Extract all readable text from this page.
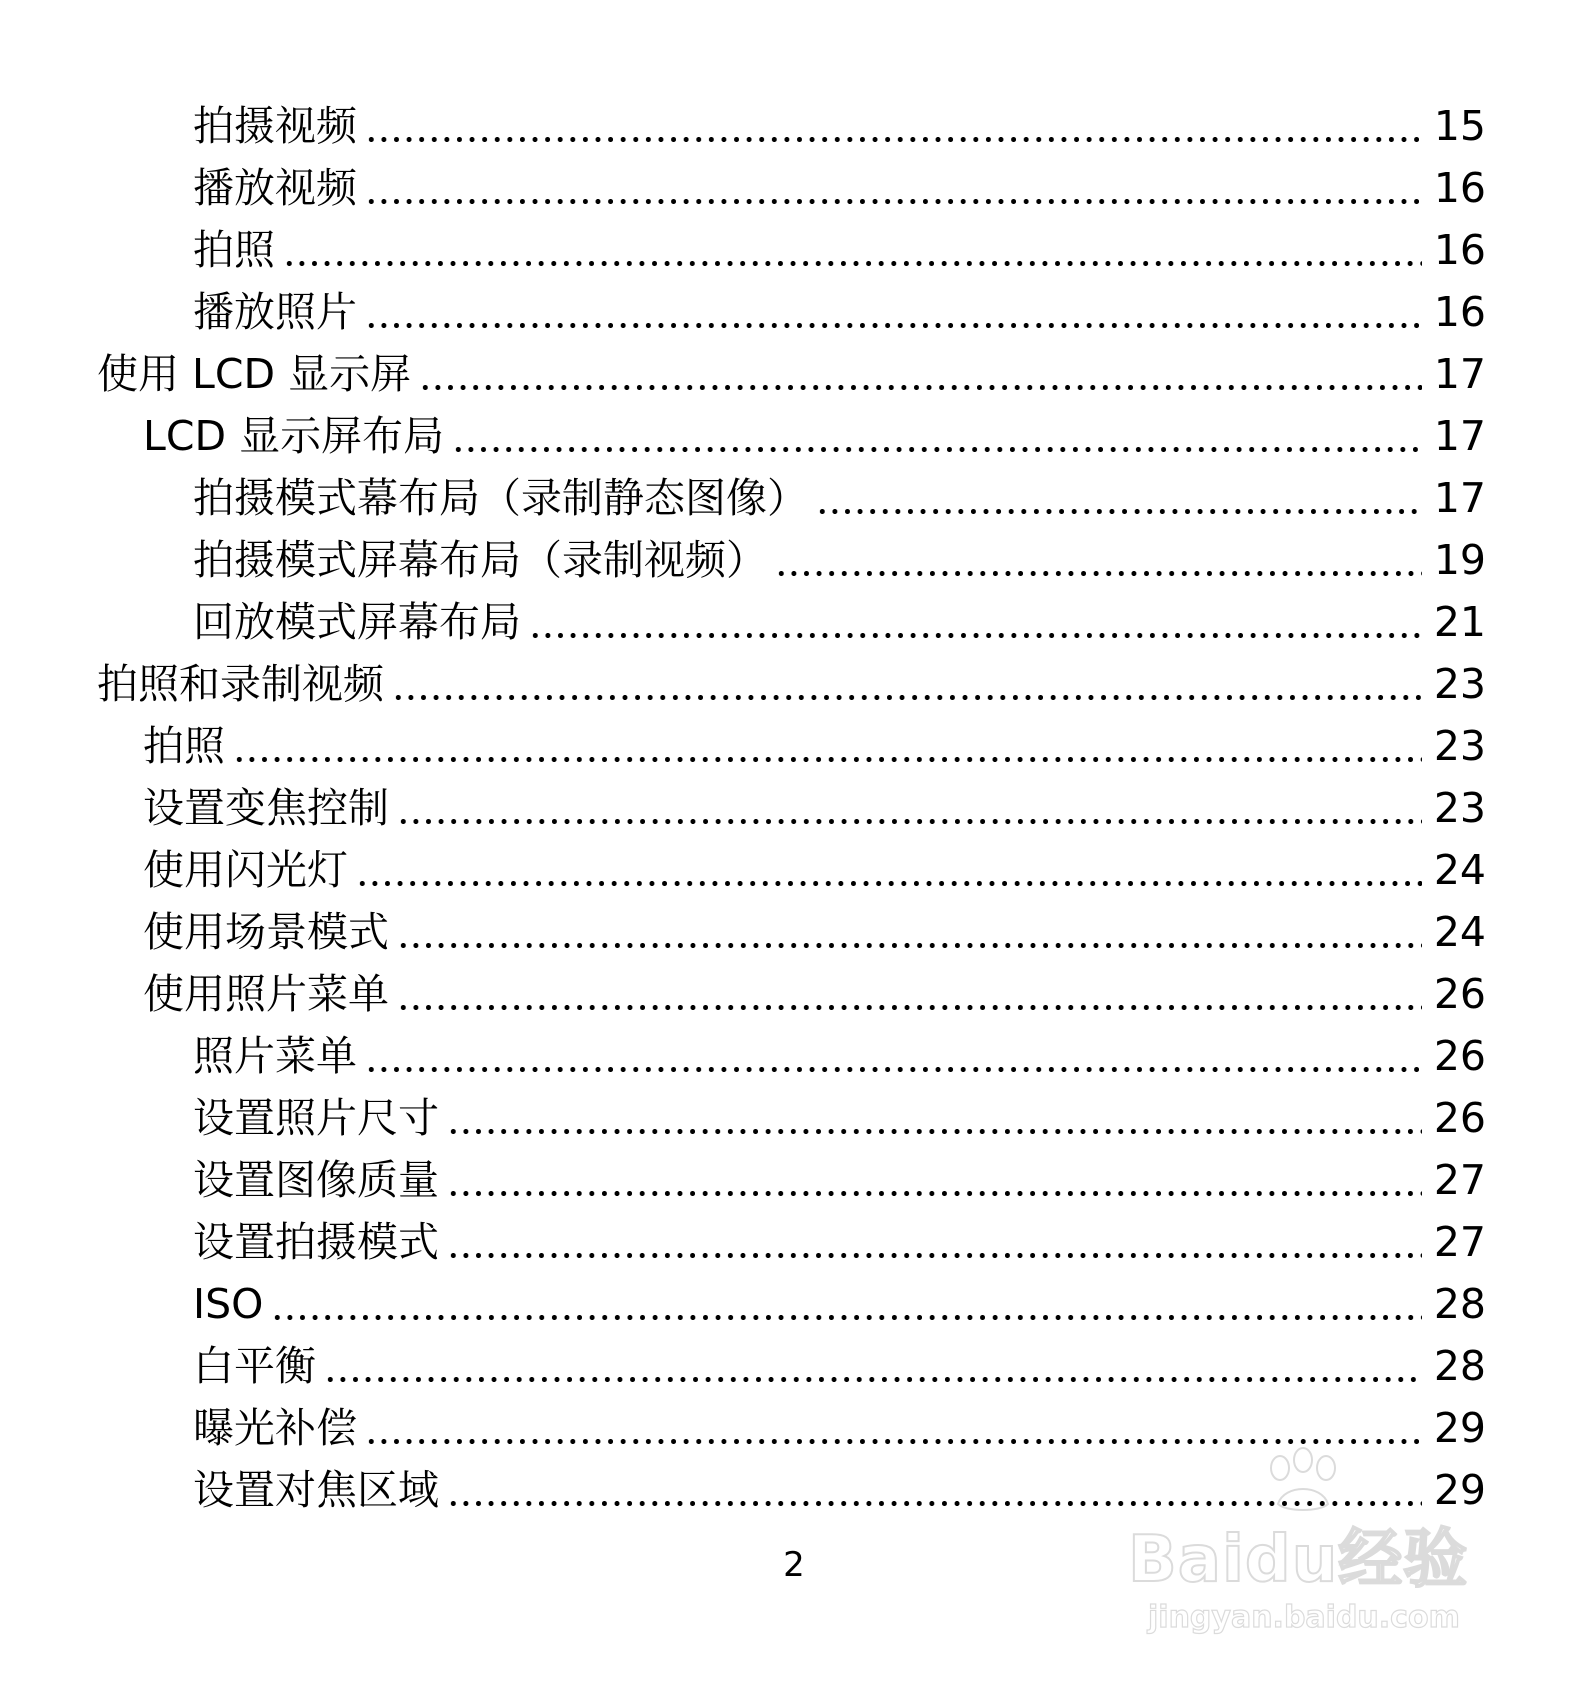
拍摄视频	15
播放视频	16
拍照	16
播放照片	16
使用 LCD 显示屏	17
LCD 显示屏布局	17
拍摄模式幕布局（录制静态图像）	17
拍摄模式屏幕布局（录制视频）	19
回放模式屏幕布局	21
拍照和录制视频	23
拍照	23
设置变焦控制	23
使用闪光灯	24
使用场景模式	24
使用照片菜单	26
照片菜单	26
设置照片尺寸	26
设置图像质量	27
设置拍摄模式	27
ISO	28
白平衡	28
曝光补偿	29
设置对焦区域	29
2	Baidu经验
jingyan.baidu.com
